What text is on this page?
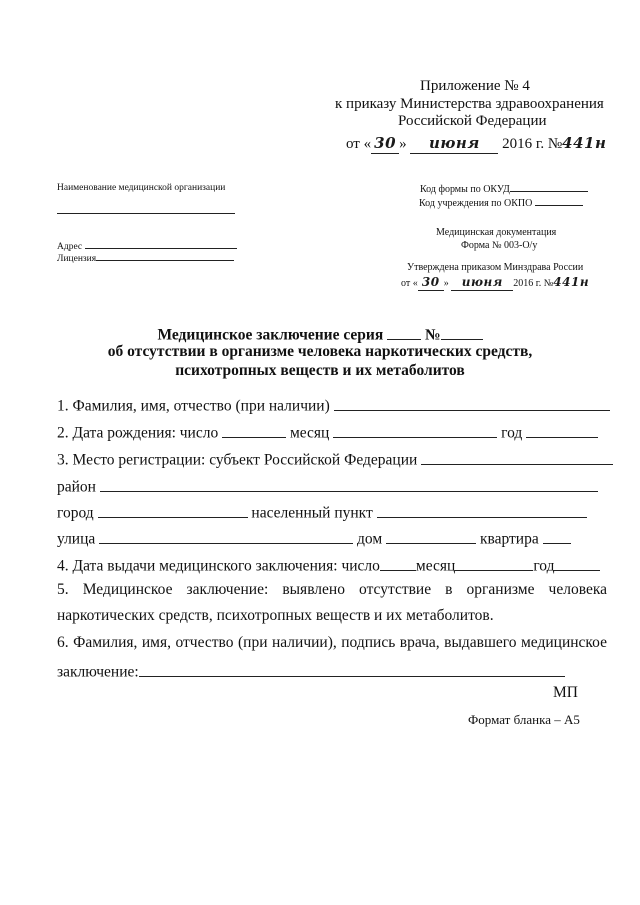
Приложение № 4
к приказу Министерства здравоохранения
Российской Федерации
от « 30 » июня 2016 г. №441н
Наименование медицинской организации
Адрес
Лицензия
Код формы по ОКУД
Код учреждения по ОКПО
Медицинская документация
Форма № 003-О/у
Утверждена приказом Минздрава России
от « 30 » июня 2016 г. №441н
Медицинское заключение серия	№
об отсутствии в организме человека наркотических средств,
психотропных веществ и их метаболитов
1. Фамилия, имя, отчество (при наличии)
2. Дата рождения: число	месяц	год
3. Место регистрации: субъект Российской Федерации
район
город	населенный пункт
улица	дом	квартира
4. Дата выдачи медицинского заключения: число месяц	год
5. Медицинское заключение: выявлено отсутствие в организме человека
наркотических средств, психотропных веществ и их метаболитов.
6. Фамилия, имя, отчество (при наличии), подпись врача, выдавшего медицинское
заключение:
МП
Формат бланка – А5
